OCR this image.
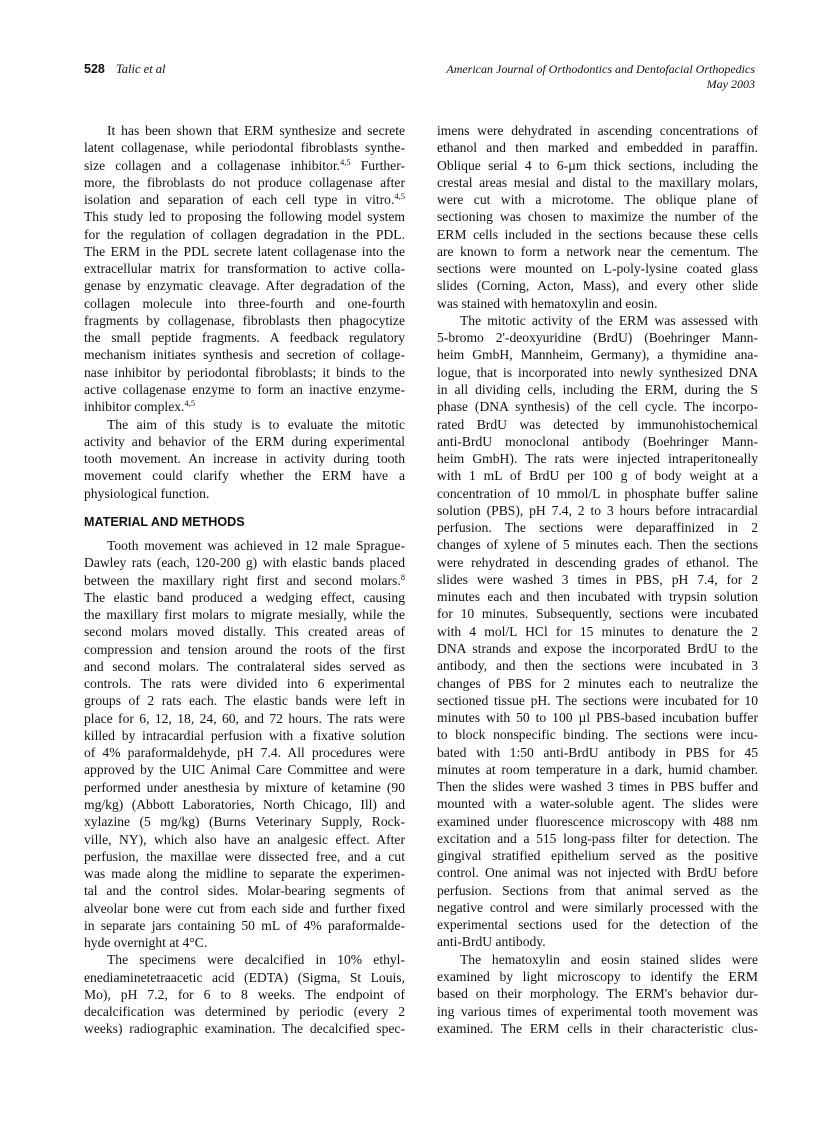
528 Talic et al	American Journal of Orthodontics and Dentofacial Orthopedics
May 2003
It has been shown that ERM synthesize and secrete
latent collagenase, while periodontal fibroblasts synthe-
size collagen and a collagenase inhibitor.$^{4,5}$ Further-
more, the fibroblasts do not produce collagenase after
isolation and separation of each cell type in vitro.$^{4,5}$
This study led to proposing the following model system
for the regulation of collagen degradation in the PDL.
The ERM in the PDL secrete latent collagenase into the
extracellular matrix for transformation to active colla-
genase by enzymatic cleavage. After degradation of the
collagen molecule into three-fourth and one-fourth
fragments by collagenase, fibroblasts then phagocytize
the small peptide fragments. A feedback regulatory
mechanism initiates synthesis and secretion of collage-
nase inhibitor by periodontal fibroblasts; it binds to the
active collagenase enzyme to form an inactive enzyme-
inhibitor complex.$^{4,5}$
The aim of this study is to evaluate the mitotic
activity and behavior of the ERM during experimental
tooth movement. An increase in activity during tooth
movement could clarify whether the ERM have a
physiological function.
MATERIAL AND METHODS
Tooth movement was achieved in 12 male Sprague-
Dawley rats (each, 120-200 g) with elastic bands placed
between the maxillary right first and second molars.$^8$
The elastic band produced a wedging effect, causing
the maxillary first molars to migrate mesially, while the
second molars moved distally. This created areas of
compression and tension around the roots of the first
and second molars. The contralateral sides served as
controls. The rats were divided into 6 experimental
groups of 2 rats each. The elastic bands were left in
place for 6, 12, 18, 24, 60, and 72 hours. The rats were
killed by intracardial perfusion with a fixative solution
of 4% paraformaldehyde, pH 7.4. All procedures were
approved by the UIC Animal Care Committee and were
performed under anesthesia by mixture of ketamine (90
mg/kg) (Abbott Laboratories, North Chicago, Ill) and
xylazine (5 mg/kg) (Burns Veterinary Supply, Rock-
ville, NY), which also have an analgesic effect. After
perfusion, the maxillae were dissected free, and a cut
was made along the midline to separate the experimen-
tal and the control sides. Molar-bearing segments of
alveolar bone were cut from each side and further fixed
in separate jars containing 50 mL of 4% paraformalde-
hyde overnight at 4°C.
The specimens were decalcified in 10% ethyl-
enediaminetetraacetic acid (EDTA) (Sigma, St Louis,
Mo), pH 7.2, for 6 to 8 weeks. The endpoint of
decalcification was determined by periodic (every 2
weeks) radiographic examination. The decalcified spec-
imens were dehydrated in ascending concentrations of
ethanol and then marked and embedded in paraffin.
Oblique serial 4 to 6-µm thick sections, including the
crestal areas mesial and distal to the maxillary molars,
were cut with a microtome. The oblique plane of
sectioning was chosen to maximize the number of the
ERM cells included in the sections because these cells
are known to form a network near the cementum. The
sections were mounted on L-poly-lysine coated glass
slides (Corning, Acton, Mass), and every other slide
was stained with hematoxylin and eosin.
The mitotic activity of the ERM was assessed with
5-bromo 2'-deoxyuridine (BrdU) (Boehringer Mann-
heim GmbH, Mannheim, Germany), a thymidine ana-
logue, that is incorporated into newly synthesized DNA
in all dividing cells, including the ERM, during the S
phase (DNA synthesis) of the cell cycle. The incorpo-
rated BrdU was detected by immunohistochemical
anti-BrdU monoclonal antibody (Boehringer Mann-
heim GmbH). The rats were injected intraperitoneally
with 1 mL of BrdU per 100 g of body weight at a
concentration of 10 mmol/L in phosphate buffer saline
solution (PBS), pH 7.4, 2 to 3 hours before intracardial
perfusion. The sections were deparaffinized in 2
changes of xylene of 5 minutes each. Then the sections
were rehydrated in descending grades of ethanol. The
slides were washed 3 times in PBS, pH 7.4, for 2
minutes each and then incubated with trypsin solution
for 10 minutes. Subsequently, sections were incubated
with 4 mol/L HCl for 15 minutes to denature the 2
DNA strands and expose the incorporated BrdU to the
antibody, and then the sections were incubated in 3
changes of PBS for 2 minutes each to neutralize the
sectioned tissue pH. The sections were incubated for 10
minutes with 50 to 100 µl PBS-based incubation buffer
to block nonspecific binding. The sections were incu-
bated with 1:50 anti-BrdU antibody in PBS for 45
minutes at room temperature in a dark, humid chamber.
Then the slides were washed 3 times in PBS buffer and
mounted with a water-soluble agent. The slides were
examined under fluorescence microscopy with 488 nm
excitation and a 515 long-pass filter for detection. The
gingival stratified epithelium served as the positive
control. One animal was not injected with BrdU before
perfusion. Sections from that animal served as the
negative control and were similarly processed with the
experimental sections used for the detection of the
anti-BrdU antibody.
The hematoxylin and eosin stained slides were
examined by light microscopy to identify the ERM
based on their morphology. The ERM's behavior dur-
ing various times of experimental tooth movement was
examined. The ERM cells in their characteristic clus-
